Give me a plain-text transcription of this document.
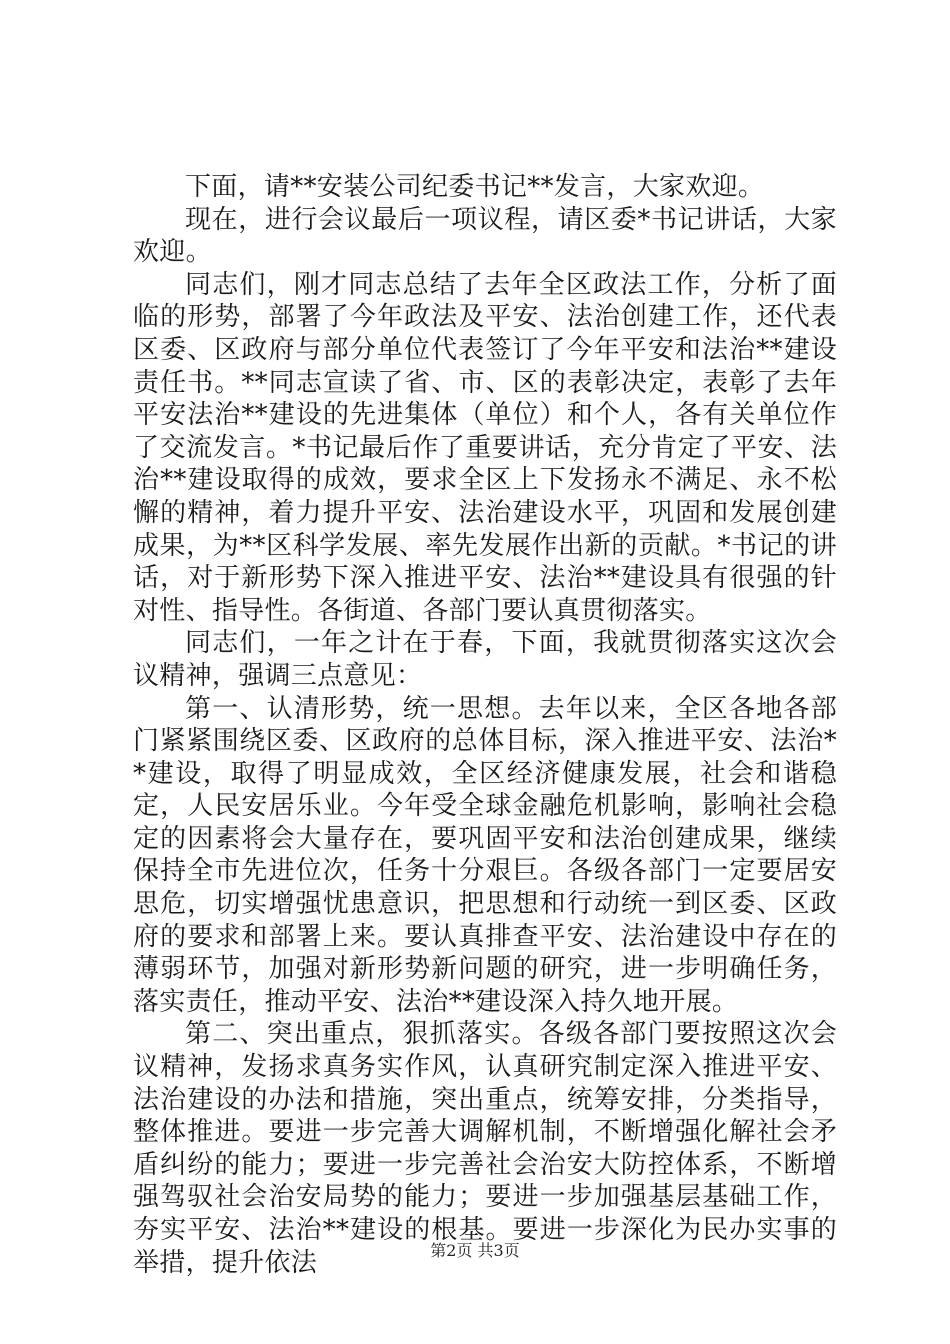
下面，请**安装公司纪委书记**发言，大家欢迎。

现在，进行会议最后一项议程，请区委*书记讲话，大家欢迎。

同志们，刚才同志总结了去年全区政法工作，分析了面临的形势，部署了今年政法及平安、法治创建工作，还代表区委、区政府与部分单位代表签订了今年平安和法治**建设责任书。**同志宣读了省、市、区的表彰决定，表彰了去年平安法治**建设的先进集体（单位）和个人，各有关单位作了交流发言。*书记最后作了重要讲话，充分肯定了平安、法治**建设取得的成效，要求全区上下发扬永不满足、永不松懈的精神，着力提升平安、法治建设水平，巩固和发展创建成果，为**区科学发展、率先发展作出新的贡献。*书记的讲话，对于新形势下深入推进平安、法治**建设具有很强的针对性、指导性。各街道、各部门要认真贯彻落实。

同志们，一年之计在于春，下面，我就贯彻落实这次会议精神，强调三点意见：

第一、认清形势，统一思想。去年以来，全区各地各部门紧紧围绕区委、区政府的总体目标，深入推进平安、法治**建设，取得了明显成效，全区经济健康发展，社会和谐稳定，人民安居乐业。今年受全球金融危机影响，影响社会稳定的因素将会大量存在，要巩固平安和法治创建成果，继续保持全市先进位次，任务十分艰巨。各级各部门一定要居安思危，切实增强忧患意识，把思想和行动统一到区委、区政府的要求和部署上来。要认真排查平安、法治建设中存在的薄弱环节，加强对新形势新问题的研究，进一步明确任务，落实责任，推动平安、法治**建设深入持久地开展。

第二、突出重点，狠抓落实。各级各部门要按照这次会议精神，发扬求真务实作风，认真研究制定深入推进平安、法治建设的办法和措施，突出重点，统筹安排，分类指导，整体推进。要进一步完善大调解机制，不断增强化解社会矛盾纠纷的能力；要进一步完善社会治安大防控体系，不断增强驾驭社会治安局势的能力；要进一步加强基层基础工作，夯实平安、法治**建设的根基。要进一步深化为民办实事的举措，提升依法	第2页 共3页
